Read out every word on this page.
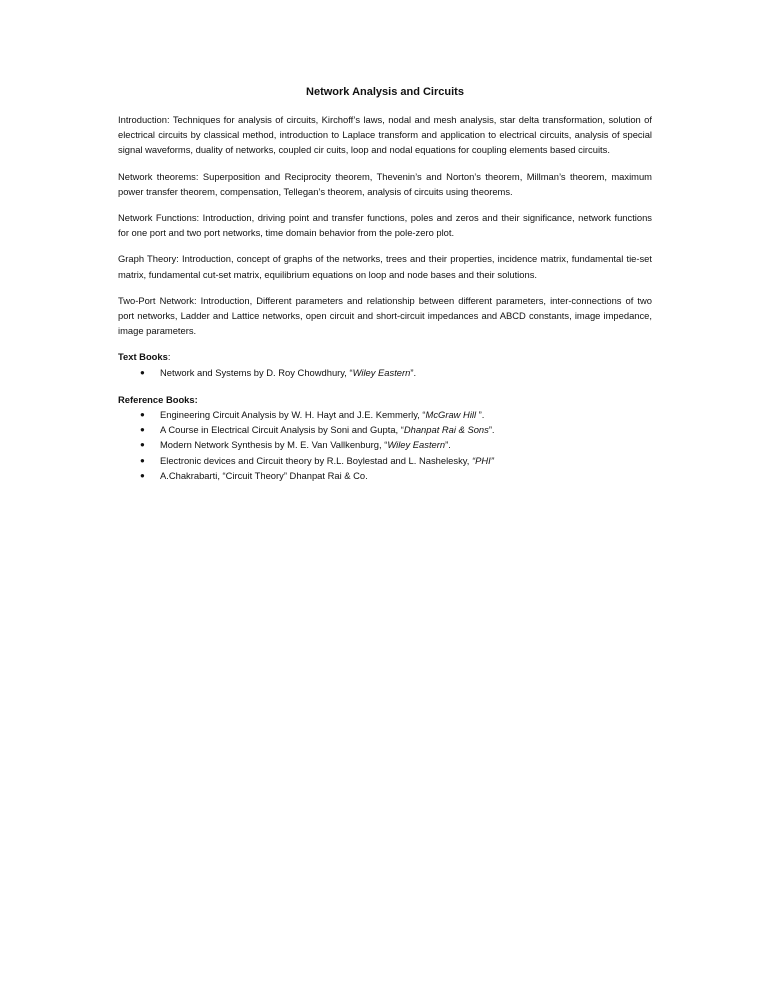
Network Analysis and Circuits

Introduction: Techniques for analysis of circuits, Kirchoff’s laws, nodal and mesh analysis, star delta transformation, solution of electrical circuits by classical method, introduction to Laplace transform and application to electrical circuits, analysis of special signal waveforms, duality of networks, coupled cir cuits, loop and nodal equations for coupling elements based circuits.

Network theorems: Superposition and Reciprocity theorem, Thevenin’s and Norton’s theorem, Millman’s theorem, maximum power transfer theorem, compensation, Tellegan’s theorem, analysis of circuits using theorems.

Network Functions: Introduction, driving point and transfer functions, poles and zeros and their significance, network functions for one port and two port networks, time domain behavior from the pole-zero plot.

Graph Theory: Introduction, concept of graphs of the networks, trees and their properties, incidence matrix, fundamental tie-set matrix, fundamental cut-set matrix, equilibrium equations on loop and node bases and their solutions.

Two-Port Network: Introduction, Different parameters and relationship between different parameters, inter-connections of two port networks, Ladder and Lattice networks, open circuit and short-circuit impedances and ABCD constants, image impedance, image parameters.

Text Books:
● Network and Systems by D. Roy Chowdhury, “Wiley Eastern”.
Reference Books:
● Engineering Circuit Analysis by W. H. Hayt and J.E. Kemmerly, “McGraw Hill ”.
● A Course in Electrical Circuit Analysis by Soni and Gupta, “Dhanpat Rai & Sons”.
● Modern Network Synthesis by M. E. Van Vallkenburg, “Wiley Eastern”.
● Electronic devices and Circuit theory by R.L. Boylestad and L. Nashelesky, “PHI”
● A.Chakrabarti, “Circuit Theory” Dhanpat Rai & Co.
